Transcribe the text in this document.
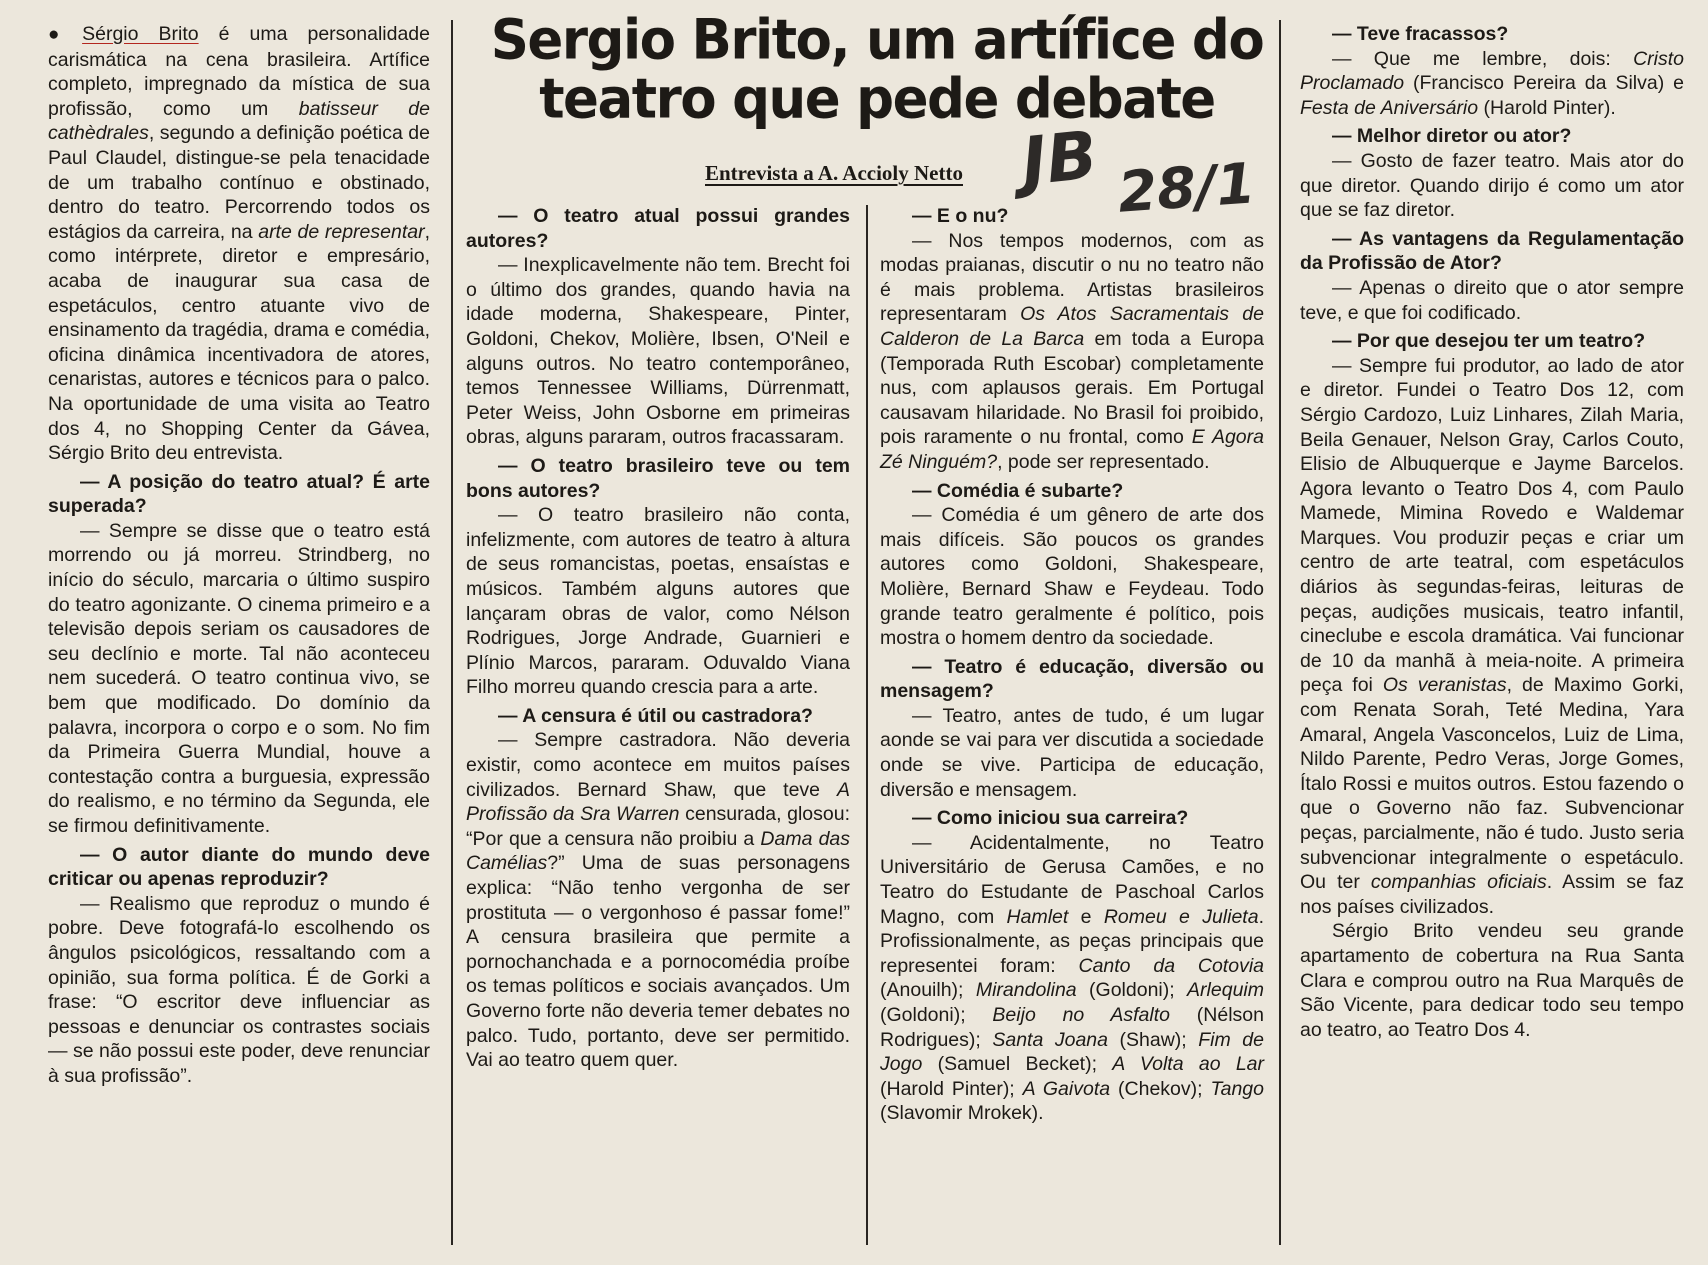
Sergio Brito, um artífice do teatro que pede debate
Entrevista a A. Accioly Netto JB 28/1

● Sérgio Brito é uma personalidade carismática na cena brasileira. Artífice completo, impregnado da mística de sua profissão, como um batisseur de cathèdrales, segundo a definição poética de Paul Claudel, distingue-se pela tenacidade de um trabalho contínuo e obstinado, dentro do teatro. Percorrendo todos os estágios da carreira, na arte de representar, como intérprete, diretor e empresário, acaba de inaugurar sua casa de espetáculos, centro atuante vivo de ensinamento da tragédia, drama e comédia, oficina dinâmica incentivadora de atores, cenaristas, autores e técnicos para o palco. Na oportunidade de uma visita ao Teatro dos 4, no Shopping Center da Gávea, Sérgio Brito deu entrevista.

— A posição do teatro atual? É arte superada?

— Sempre se disse que o teatro está morrendo ou já morreu. Strindberg, no início do século, marcaria o último suspiro do teatro agonizante. O cinema primeiro e a televisão depois seriam os causadores de seu declínio e morte. Tal não aconteceu nem sucederá. O teatro continua vivo, se bem que modificado. Do domínio da palavra, incorpora o corpo e o som. No fim da Primeira Guerra Mundial, houve a contestação contra a burguesia, expressão do realismo, e no término da Segunda, ele se firmou definitivamente.

— O autor diante do mundo deve criticar ou apenas reproduzir?

— Realismo que reproduz o mundo é pobre. Deve fotografá-lo escolhendo os ângulos psicológicos, ressaltando com a opinião, sua forma política. É de Gorki a frase: “O escritor deve influenciar as pessoas e denunciar os contrastes sociais — se não possui este poder, deve renunciar à sua profissão”.

— O teatro atual possui grandes autores?

— Inexplicavelmente não tem. Brecht foi o último dos grandes, quando havia na idade moderna, Shakespeare, Pinter, Goldoni, Chekov, Molière, Ibsen, O'Neil e alguns outros. No teatro contemporâneo, temos Tennessee Williams, Dürrenmatt, Peter Weiss, John Osborne em primeiras obras, alguns pararam, outros fracassaram.

— O teatro brasileiro teve ou tem bons autores?

— O teatro brasileiro não conta, infelizmente, com autores de teatro à altura de seus romancistas, poetas, ensaístas e músicos. Também alguns autores que lançaram obras de valor, como Nélson Rodrigues, Jorge Andrade, Guarnieri e Plínio Marcos, pararam. Oduvaldo Viana Filho morreu quando crescia para a arte.

— A censura é útil ou castradora?

— Sempre castradora. Não deveria existir, como acontece em muitos países civilizados. Bernard Shaw, que teve A Profissão da Sra Warren censurada, glosou: “Por que a censura não proibiu a Dama das Camélias?” Uma de suas personagens explica: “Não tenho vergonha de ser prostituta — o vergonhoso é passar fome!” A censura brasileira que permite a pornochanchada e a pornocomédia proíbe os temas políticos e sociais avançados. Um Governo forte não deveria temer debates no palco. Tudo, portanto, deve ser permitido. Vai ao teatro quem quer.

— E o nu?

— Nos tempos modernos, com as modas praianas, discutir o nu no teatro não é mais problema. Artistas brasileiros representaram Os Atos Sacramentais de Calderon de La Barca em toda a Europa (Temporada Ruth Escobar) completamente nus, com aplausos gerais. Em Portugal causavam hilaridade. No Brasil foi proibido, pois raramente o nu frontal, como E Agora Zé Ninguém?, pode ser representado.

— Comédia é subarte?

— Comédia é um gênero de arte dos mais difíceis. São poucos os grandes autores como Goldoni, Shakespeare, Molière, Bernard Shaw e Feydeau. Todo grande teatro geralmente é político, pois mostra o homem dentro da sociedade.

— Teatro é educação, diversão ou mensagem?

— Teatro, antes de tudo, é um lugar aonde se vai para ver discutida a sociedade onde se vive. Participa de educação, diversão e mensagem.

— Como iniciou sua carreira?

— Acidentalmente, no Teatro Universitário de Gerusa Camões, e no Teatro do Estudante de Paschoal Carlos Magno, com Hamlet e Romeu e Julieta. Profissionalmente, as peças principais que representei foram: Canto da Cotovia (Anouilh); Mirandolina (Goldoni); Arlequim (Goldoni); Beijo no Asfalto (Nélson Rodrigues); Santa Joana (Shaw); Fim de Jogo (Samuel Becket); A Volta ao Lar (Harold Pinter); A Gaivota (Chekov); Tango (Slavomir Mrokek).

— Teve fracassos?

— Que me lembre, dois: Cristo Proclamado (Francisco Pereira da Silva) e Festa de Aniversário (Harold Pinter).

— Melhor diretor ou ator?

— Gosto de fazer teatro. Mais ator do que diretor. Quando dirijo é como um ator que se faz diretor.

— As vantagens da Regulamentação da Profissão de Ator?

— Apenas o direito que o ator sempre teve, e que foi codificado.

— Por que desejou ter um teatro?

— Sempre fui produtor, ao lado de ator e diretor. Fundei o Teatro Dos 12, com Sérgio Cardozo, Luiz Linhares, Zilah Maria, Beila Genauer, Nelson Gray, Carlos Couto, Elisio de Albuquerque e Jayme Barcelos. Agora levanto o Teatro Dos 4, com Paulo Mamede, Mimina Rovedo e Waldemar Marques. Vou produzir peças e criar um centro de arte teatral, com espetáculos diários às segundas-feiras, leituras de peças, audições musicais, teatro infantil, cineclube e escola dramática. Vai funcionar de 10 da manhã à meia-noite. A primeira peça foi Os veranistas, de Maximo Gorki, com Renata Sorah, Teté Medina, Yara Amaral, Angela Vasconcelos, Luiz de Lima, Nildo Parente, Pedro Veras, Jorge Gomes, Ítalo Rossi e muitos outros. Estou fazendo o que o Governo não faz. Subvencionar peças, parcialmente, não é tudo. Justo seria subvencionar integralmente o espetáculo. Ou ter companhias oficiais. Assim se faz nos países civilizados.

Sérgio Brito vendeu seu grande apartamento de cobertura na Rua Santa Clara e comprou outro na Rua Marquês de São Vicente, para dedicar todo seu tempo ao teatro, ao Teatro Dos 4.
